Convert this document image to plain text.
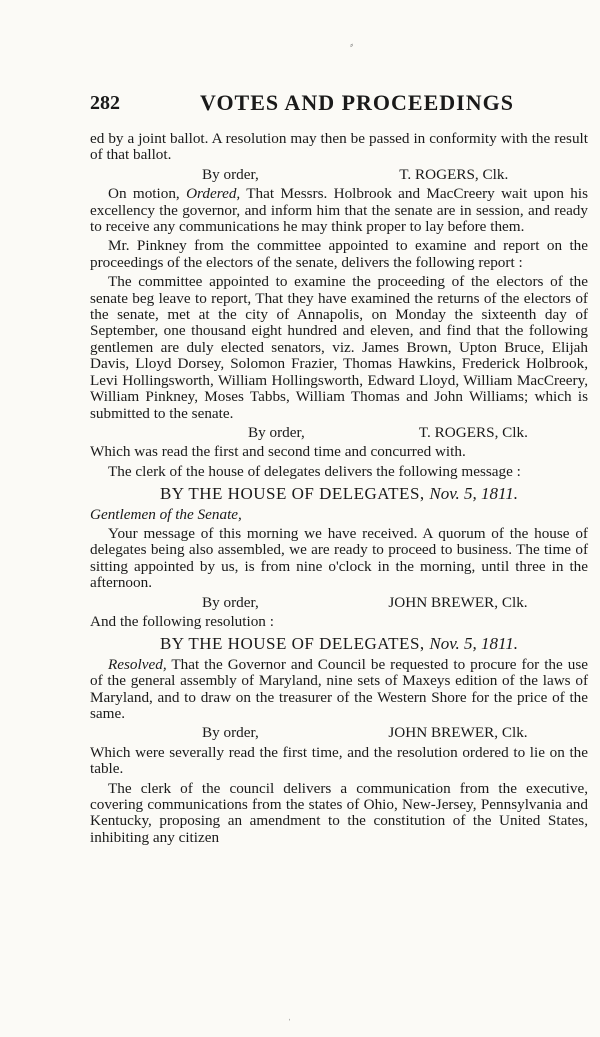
⸗
282	VOTES AND PROCEEDINGS

ed by a joint ballot. A resolution may then be passed in conformity with the result of that ballot.

By order,	T. ROGERS, Clk.

On motion, Ordered, That Messrs. Holbrook and MacCreery wait upon his excellency the governor, and inform him that the senate are in session, and ready to receive any communications he may think proper to lay before them.

Mr. Pinkney from the committee appointed to examine and report on the proceedings of the electors of the senate, delivers the following report :

The committee appointed to examine the proceeding of the electors of the senate beg leave to report, That they have examined the returns of the electors of the senate, met at the city of Annapolis, on Monday the sixteenth day of September, one thousand eight hundred and eleven, and find that the following gentlemen are duly elected senators, viz. James Brown, Upton Bruce, Elijah Davis, Lloyd Dorsey, Solomon Frazier, Thomas Hawkins, Frederick Holbrook, Levi Hollingsworth, William Hollingsworth, Edward Lloyd, William MacCreery, William Pinkney, Moses Tabbs, William Thomas and John Williams; which is submitted to the senate.

By order,	T. ROGERS, Clk.

Which was read the first and second time and concurred with.

The clerk of the house of delegates delivers the following message :

BY THE HOUSE OF DELEGATES, Nov. 5, 1811.
Gentlemen of the Senate,

Your message of this morning we have received. A quorum of the house of delegates being also assembled, we are ready to proceed to business. The time of sitting appointed by us, is from nine o'clock in the morning, until three in the afternoon.

By order,	JOHN BREWER, Clk.

And the following resolution :

BY THE HOUSE OF DELEGATES, Nov. 5, 1811.

Resolved, That the Governor and Council be requested to procure for the use of the general assembly of Maryland, nine sets of Maxeys edition of the laws of Maryland, and to draw on the treasurer of the Western Shore for the price of the same.

By order,	JOHN BREWER, Clk.

Which were severally read the first time, and the resolution ordered to lie on the table.

The clerk of the council delivers a communication from the executive, covering communications from the states of Ohio, New-Jersey, Pennsylvania and Kentucky, proposing an amendment to the constitution of the United States, inhibiting any citizen

ˈ
